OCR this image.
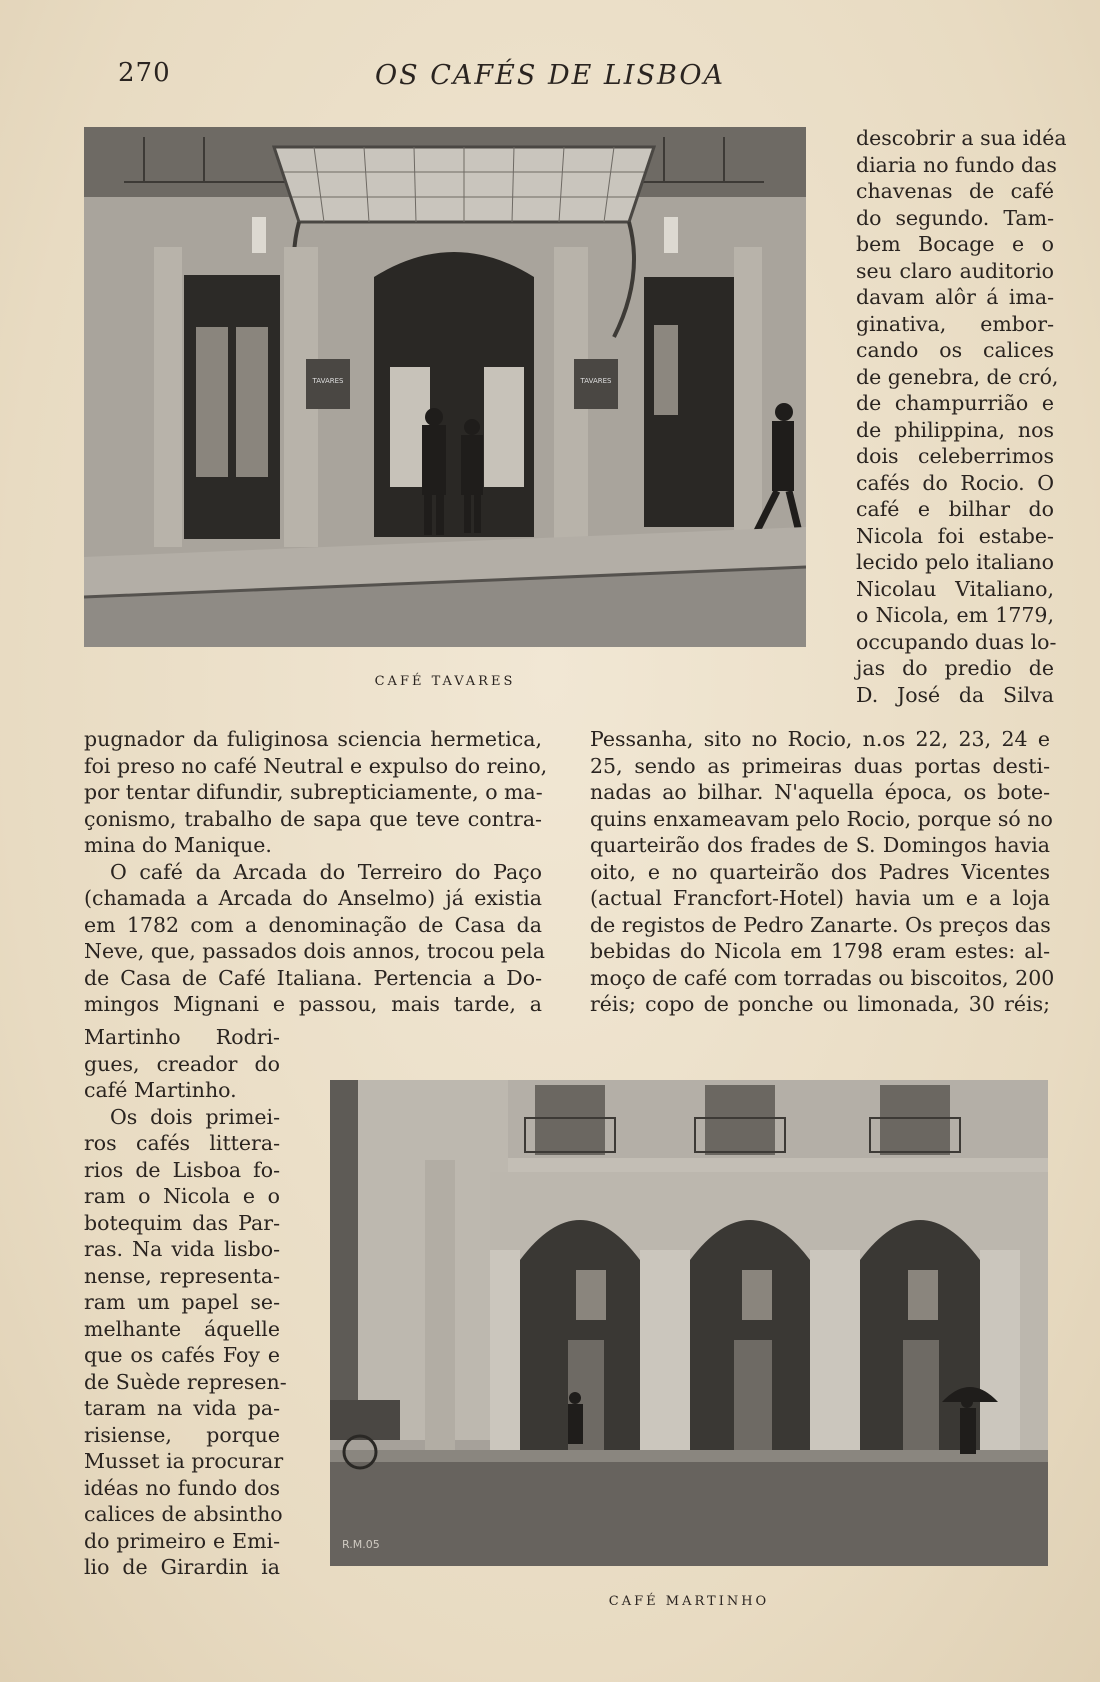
270	OS CAFÉS DE LISBOA
TAVARES	TAVARES
CAFÉ TAVARES
descobrir a sua idéa
diaria no fundo das
chavenas de café
do segundo. Tam-
bem Bocage e o
seu claro auditorio
davam alôr á ima-
ginativa, embor-
cando os calices
de genebra, de cró,
de champurrião e
de philippina, nos
dois celeberrimos
cafés do Rocio. O
café e bilhar do
Nicola foi estabe-
lecido pelo italiano
Nicolau Vitaliano,
o Nicola, em 1779,
occupando duas lo-
jas do predio de
D. José da Silva
pugnador da fuliginosa sciencia hermetica,
foi preso no café Neutral e expulso do reino,
por tentar difundir, subrepticiamente, o ma-
çonismo, trabalho de sapa que teve contra-
mina do Manique.
O café da Arcada do Terreiro do Paço
(chamada a Arcada do Anselmo) já existia
em 1782 com a denominação de Casa da
Neve, que, passados dois annos, trocou pela
de Casa de Café Italiana. Pertencia a Do-
mingos Mignani e passou, mais tarde, a
Pessanha, sito no Rocio, n.os 22, 23, 24 e
25, sendo as primeiras duas portas desti-
nadas ao bilhar. N'aquella época, os bote-
quins enxameavam pelo Rocio, porque só no
quarteirão dos frades de S. Domingos havia
oito, e no quarteirão dos Padres Vicentes
(actual Francfort-Hotel) havia um e a loja
de registos de Pedro Zanarte. Os preços das
bebidas do Nicola em 1798 eram estes: al-
moço de café com torradas ou biscoitos, 200
réis; copo de ponche ou limonada, 30 réis;
Martinho Rodri-
gues, creador do
café Martinho.
Os dois primei-
ros cafés littera-
rios de Lisboa fo-
ram o Nicola e o
botequim das Par-
ras. Na vida lisbo-
nense, representa-
ram um papel se-
melhante áquelle
que os cafés Foy e
de Suède represen-
taram na vida pa-
risiense, porque
Musset ia procurar
idéas no fundo dos
calices de absintho
do primeiro e Emi-
lio de Girardin ia
R.M.05
CAFÉ MARTINHO
